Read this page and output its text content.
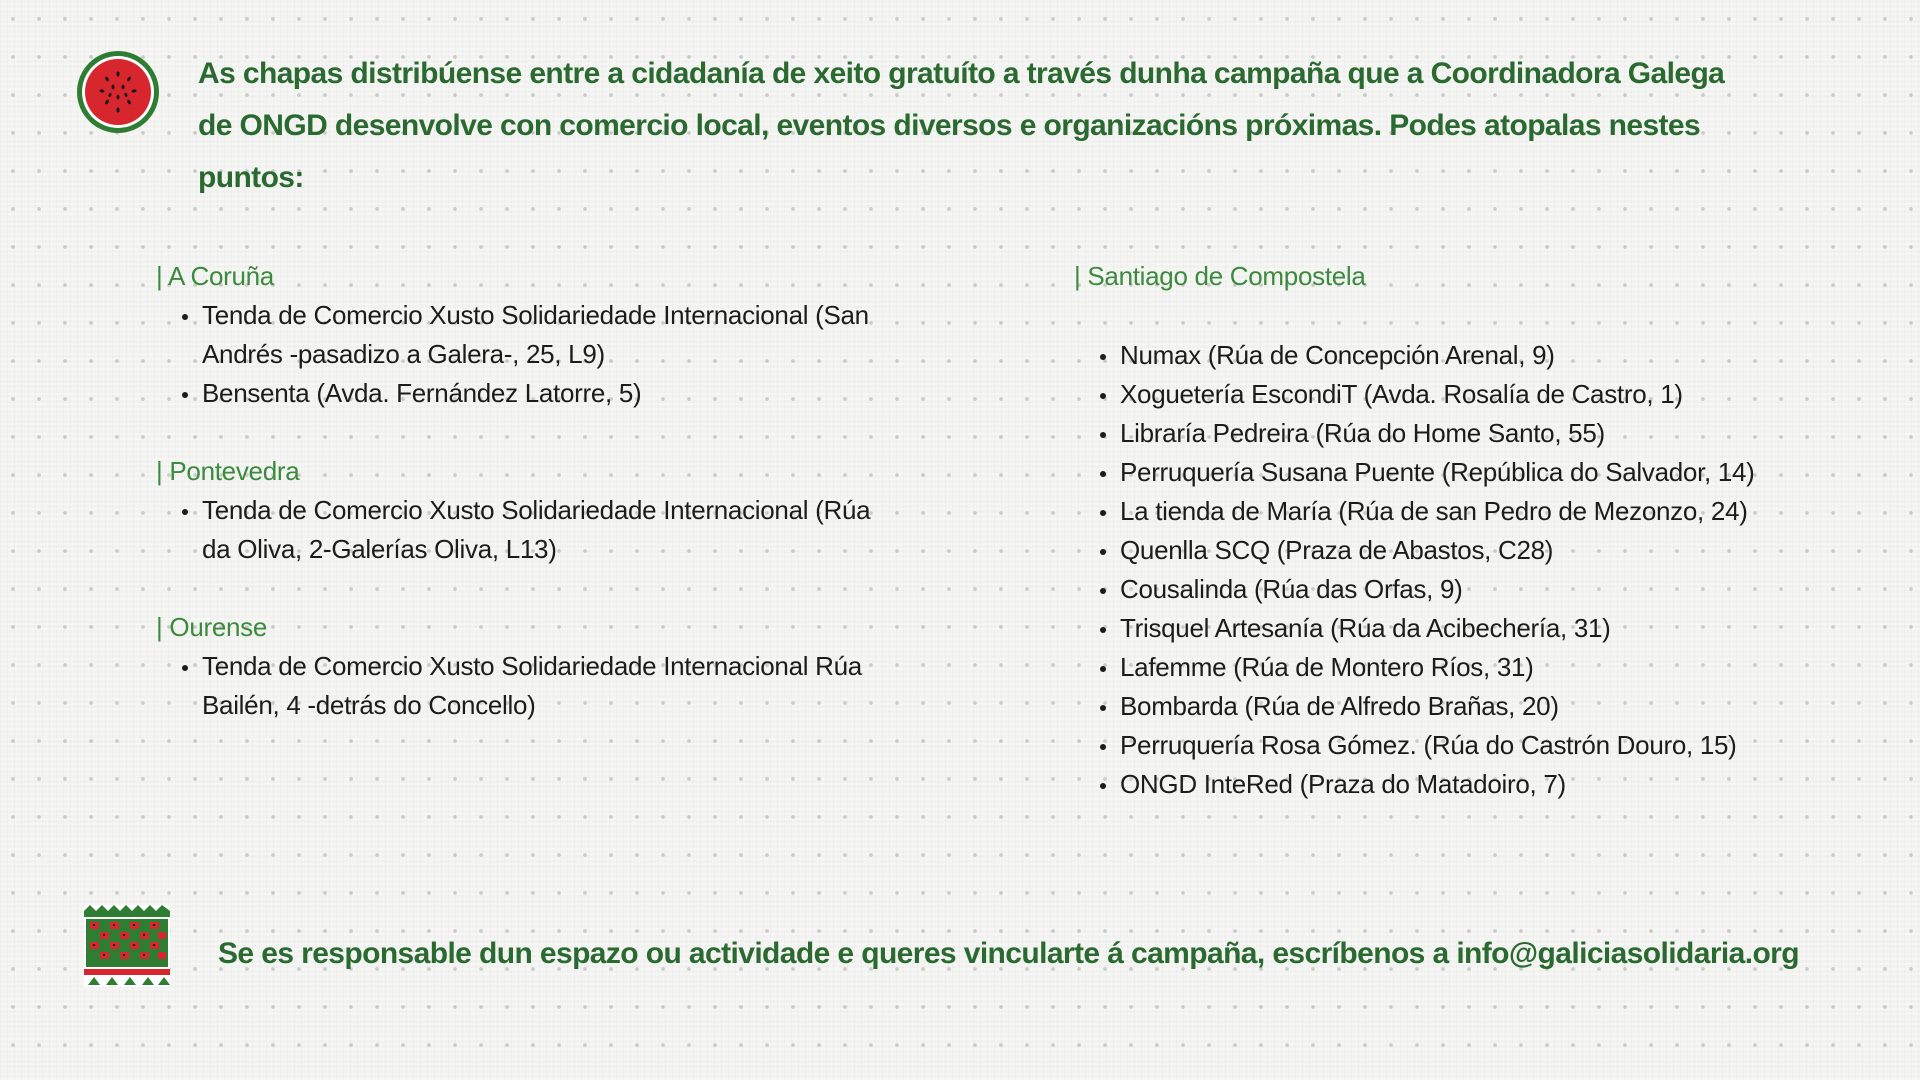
As chapas distribúense entre a cidadanía de xeito gratuíto a través dunha campaña que a Coordinadora Galega de ONGD desenvolve con comercio local, eventos diversos e organizacións próximas. Podes atopalas nestes puntos:

| A Coruña
Tenda de Comercio Xusto Solidariedade Internacional (San Andrés -pasadizo a Galera-, 25, L9)
Bensenta (Avda. Fernández Latorre, 5)
| Pontevedra
Tenda de Comercio Xusto Solidariedade Internacional (Rúa da Oliva, 2-Galerías Oliva, L13)
| Ourense
Tenda de Comercio Xusto Solidariedade Internacional Rúa Bailén, 4 -detrás do Concello)
| Santiago de Compostela
Numax (Rúa de Concepción Arenal, 9)
Xoguetería EscondiT (Avda. Rosalía de Castro, 1)
Libraría Pedreira (Rúa do Home Santo, 55)
Perruquería Susana Puente (República do Salvador, 14)
La tienda de María (Rúa de san Pedro de Mezonzo, 24)
Quenlla SCQ (Praza de Abastos, C28)
Cousalinda (Rúa das Orfas, 9)
Trisquel Artesanía (Rúa da Acibechería, 31)
Lafemme (Rúa de Montero Ríos, 31)
Bombarda (Rúa de Alfredo Brañas, 20)
Perruquería Rosa Gómez. (Rúa do Castrón Douro, 15)
ONGD InteRed (Praza do Matadoiro, 7)

Se es responsable dun espazo ou actividade e queres vincularte á campaña, escríbenos a info@galiciasolidaria.org
